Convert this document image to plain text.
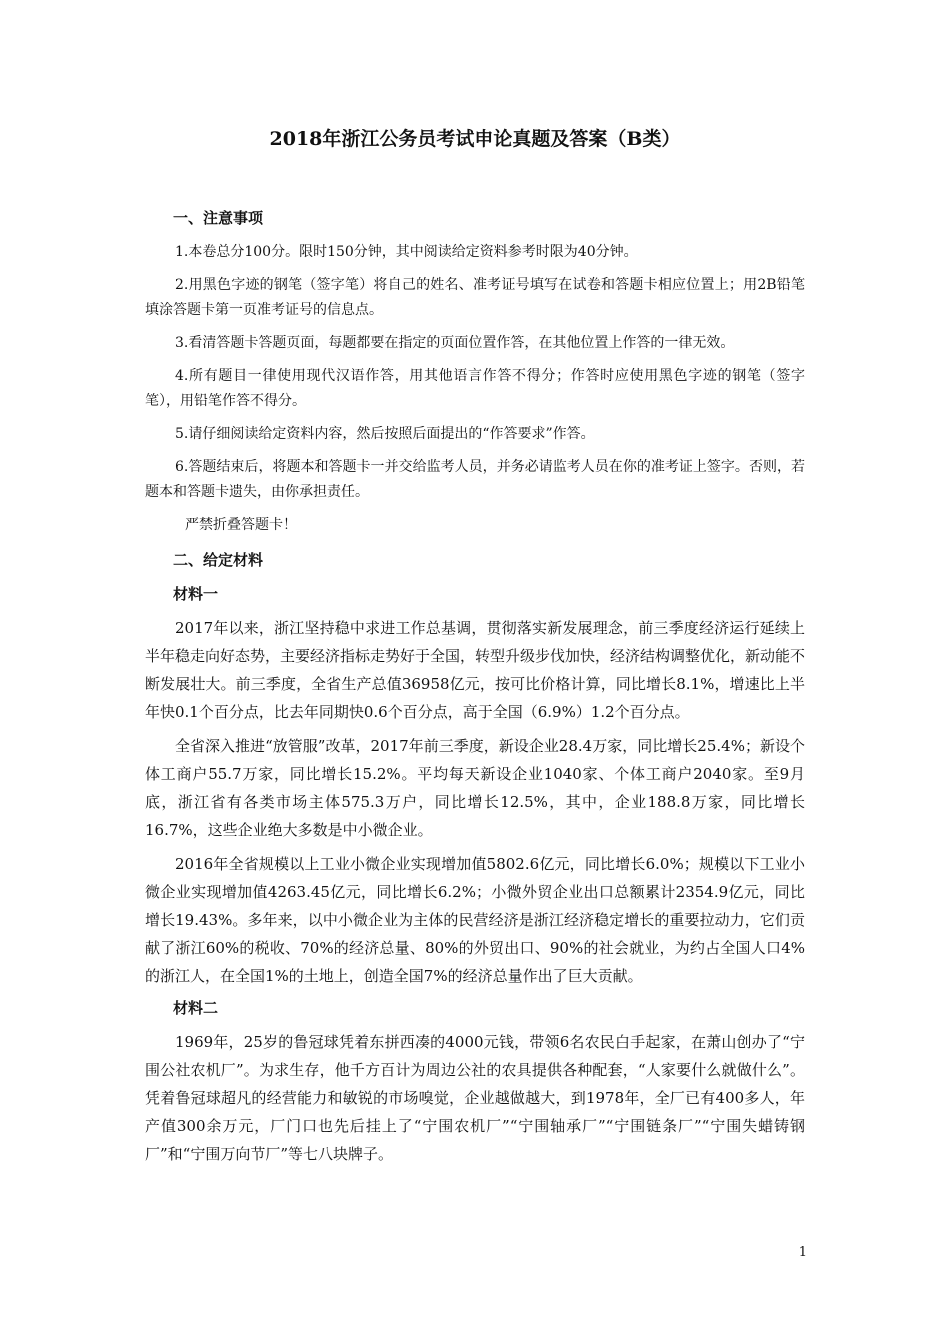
2018年浙江公务员考试申论真题及答案（B类）
一、注意事项

1.本卷总分100分。限时150分钟，其中阅读给定资料参考时限为40分钟。

2.用黑色字迹的钢笔（签字笔）将自己的姓名、准考证号填写在试卷和答题卡相应位置上；用2B铅笔填涂答题卡第一页准考证号的信息点。

3.看清答题卡答题页面，每题都要在指定的页面位置作答，在其他位置上作答的一律无效。

4.所有题目一律使用现代汉语作答，用其他语言作答不得分；作答时应使用黑色字迹的钢笔（签字笔），用铅笔作答不得分。

5.请仔细阅读给定资料内容，然后按照后面提出的“作答要求”作答。

6.答题结束后，将题本和答题卡一并交给监考人员，并务必请监考人员在你的准考证上签字。否则，若题本和答题卡遗失，由你承担责任。

严禁折叠答题卡！

二、给定材料
材料一

2017年以来，浙江坚持稳中求进工作总基调，贯彻落实新发展理念，前三季度经济运行延续上半年稳走向好态势，主要经济指标走势好于全国，转型升级步伐加快，经济结构调整优化，新动能不断发展壮大。前三季度，全省生产总值36958亿元，按可比价格计算，同比增长8.1%，增速比上半年快0.1个百分点，比去年同期快0.6个百分点，高于全国（6.9%）1.2个百分点。

全省深入推进“放管服”改革，2017年前三季度，新设企业28.4万家，同比增长25.4%；新设个体工商户55.7万家，同比增长15.2%。平均每天新设企业1040家、个体工商户2040家。至9月底，浙江省有各类市场主体575.3万户，同比增长12.5%，其中，企业188.8万家，同比增长16.7%，这些企业绝大多数是中小微企业。

2016年全省规模以上工业小微企业实现增加值5802.6亿元，同比增长6.0%；规模以下工业小微企业实现增加值4263.45亿元，同比增长6.2%；小微外贸企业出口总额累计2354.9亿元，同比增长19.43%。多年来，以中小微企业为主体的民营经济是浙江经济稳定增长的重要拉动力，它们贡献了浙江60%的税收、70%的经济总量、80%的外贸出口、90%的社会就业，为约占全国人口4%的浙江人，在全国1%的土地上，创造全国7%的经济总量作出了巨大贡献。

材料二

1969年，25岁的鲁冠球凭着东拼西凑的4000元钱，带领6名农民白手起家，在萧山创办了“宁围公社农机厂”。为求生存，他千方百计为周边公社的农具提供各种配套，“人家要什么就做什么”。凭着鲁冠球超凡的经营能力和敏锐的市场嗅觉，企业越做越大，到1978年，全厂已有400多人，年产值300余万元，厂门口也先后挂上了“宁围农机厂”“宁围轴承厂”“宁围链条厂”“宁围失蜡铸钢厂”和“宁围万向节厂”等七八块牌子。

1
